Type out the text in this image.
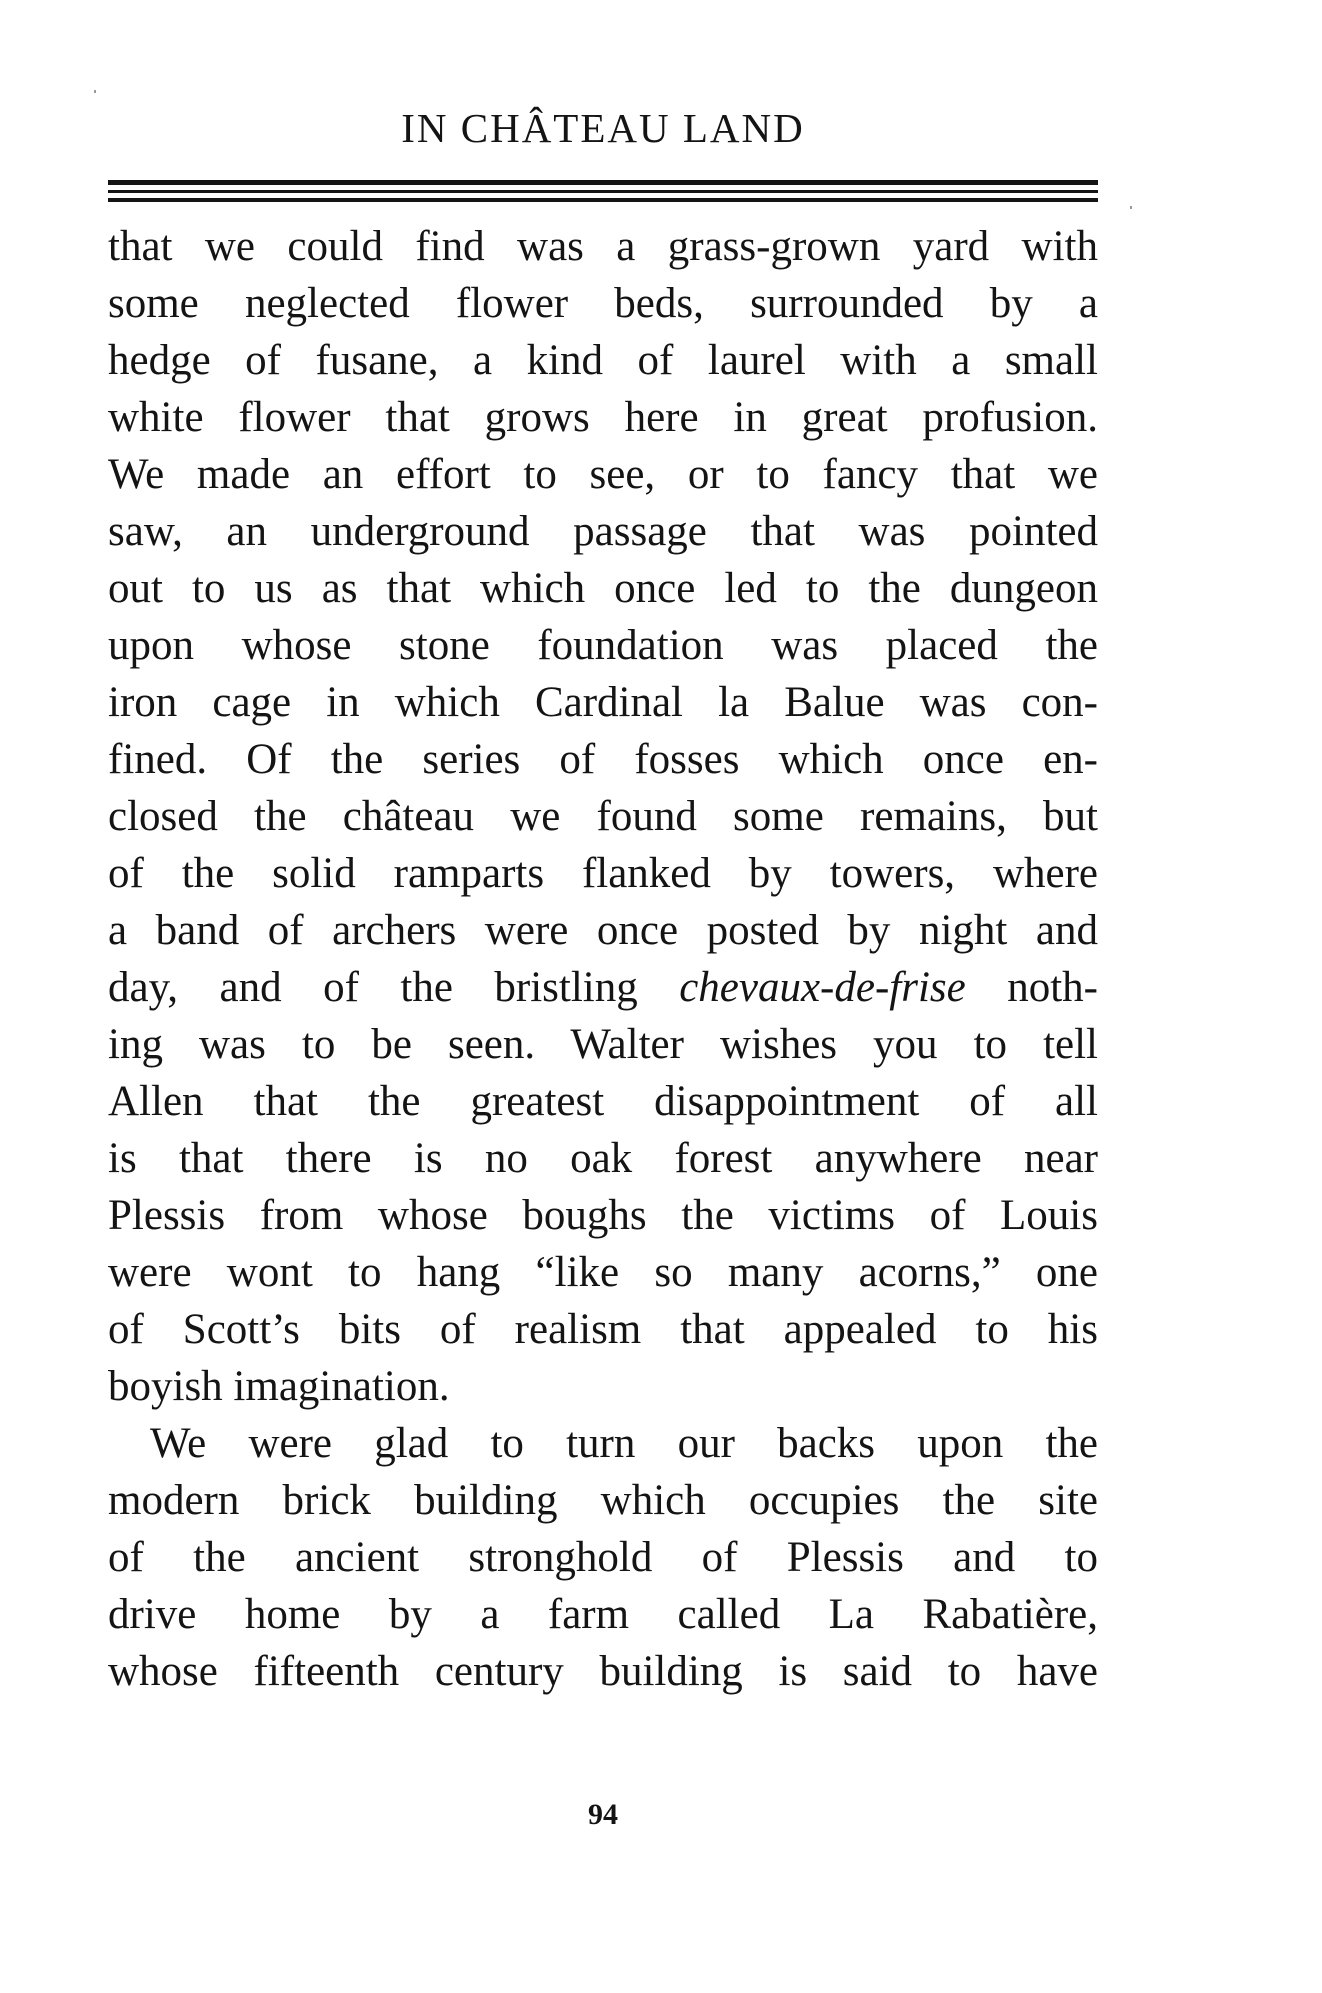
IN CHÂTEAU LAND
that we could find was a grass-grown yard with
some neglected flower beds, surrounded by a
hedge of fusane, a kind of laurel with a small
white flower that grows here in great profusion.
We made an effort to see, or to fancy that we
saw, an underground passage that was pointed
out to us as that which once led to the dungeon
upon whose stone foundation was placed the
iron cage in which Cardinal la Balue was con-
fined. Of the series of fosses which once en-
closed the château we found some remains, but
of the solid ramparts flanked by towers, where
a band of archers were once posted by night and
day, and of the bristling chevaux-de-frise noth-
ing was to be seen. Walter wishes you to tell
Allen that the greatest disappointment of all
is that there is no oak forest anywhere near
Plessis from whose boughs the victims of Louis
were wont to hang “like so many acorns,” one
of Scott’s bits of realism that appealed to his
boyish imagination.
We were glad to turn our backs upon the
modern brick building which occupies the site
of the ancient stronghold of Plessis and to
drive home by a farm called La Rabatière,
whose fifteenth century building is said to have
94
